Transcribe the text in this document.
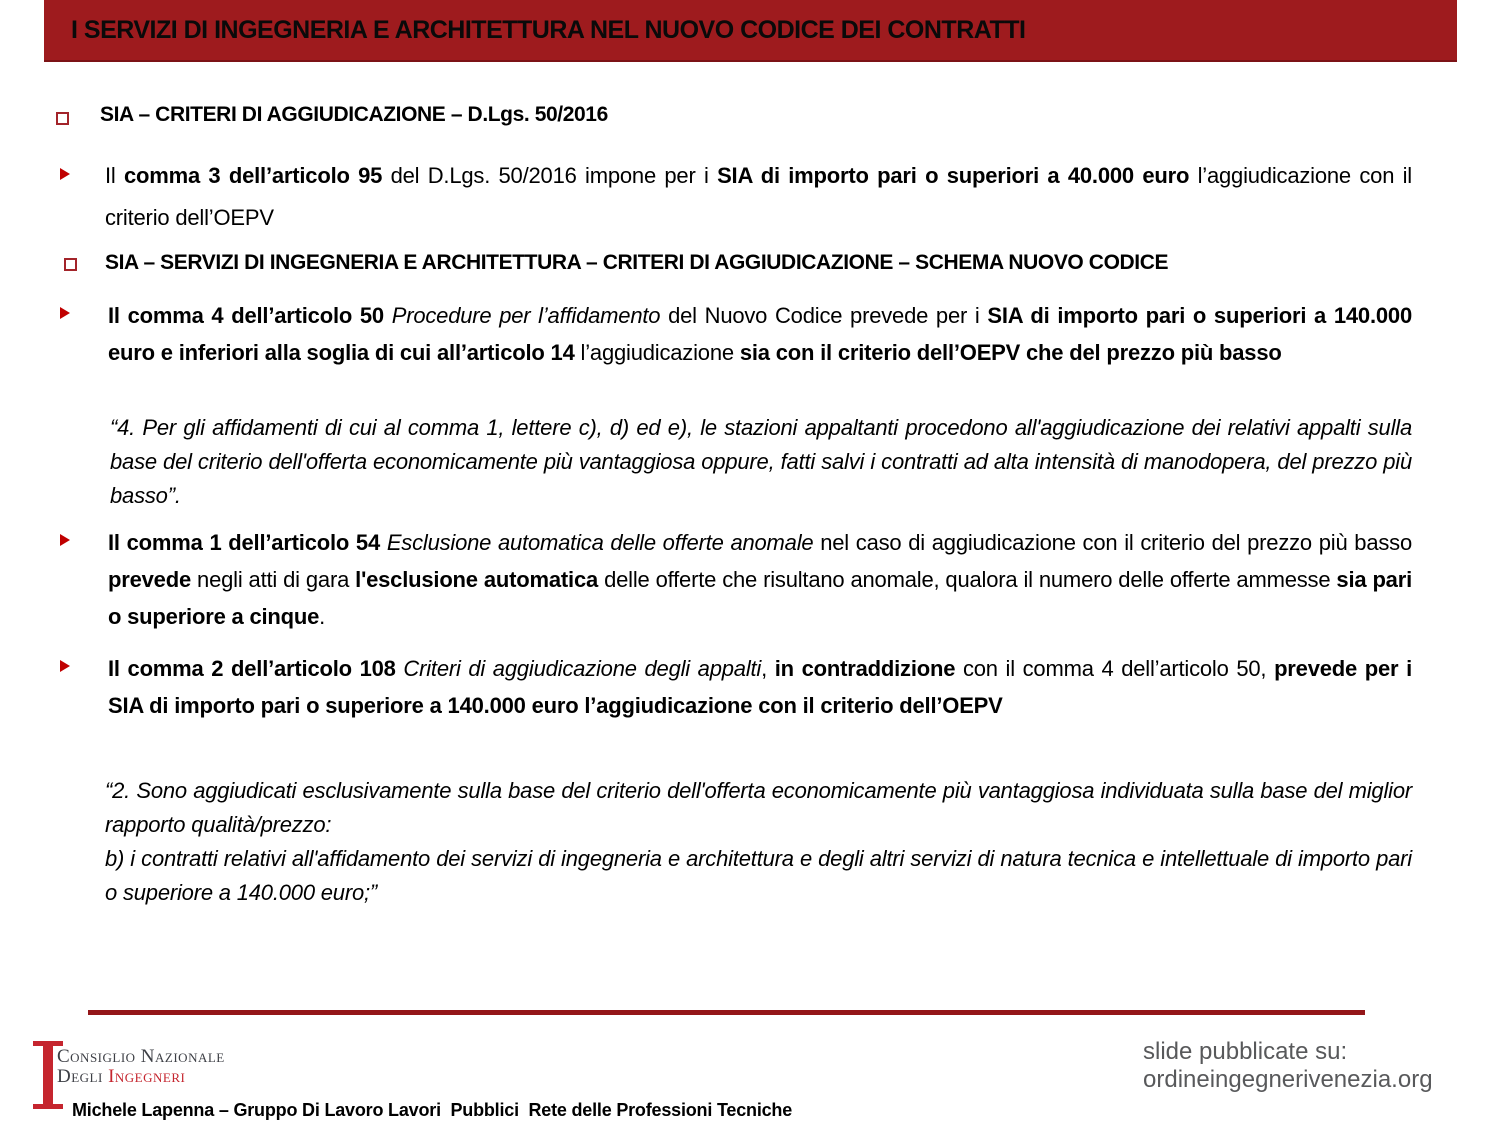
I SERVIZI DI INGEGNERIA E ARCHITETTURA NEL NUOVO CODICE DEI CONTRATTI
SIA – CRITERI DI AGGIUDICAZIONE – D.Lgs. 50/2016
Il comma 3 dell’articolo 95 del D.Lgs. 50/2016 impone per i SIA di importo pari o superiori a 40.000 euro l’aggiudicazione con il criterio dell’OEPV
SIA – SERVIZI DI INGEGNERIA E ARCHITETTURA – CRITERI DI AGGIUDICAZIONE – SCHEMA NUOVO CODICE
Il comma 4 dell’articolo 50 Procedure per l’affidamento del Nuovo Codice prevede per i SIA di importo pari o superiori a 140.000 euro e inferiori alla soglia di cui all’articolo 14 l’aggiudicazione sia con il criterio dell’OEPV che del prezzo più basso
“4. Per gli affidamenti di cui al comma 1, lettere c), d) ed e), le stazioni appaltanti procedono all'aggiudicazione dei relativi appalti sulla base del criterio dell'offerta economicamente più vantaggiosa oppure, fatti salvi i contratti ad alta intensità di manodopera, del prezzo più basso”.
Il comma 1 dell’articolo 54 Esclusione automatica delle offerte anomale nel caso di aggiudicazione con il criterio del prezzo più basso prevede negli atti di gara l'esclusione automatica delle offerte che risultano anomale, qualora il numero delle offerte ammesse sia pari o superiore a cinque.
Il comma 2 dell’articolo 108 Criteri di aggiudicazione degli appalti, in contraddizione con il comma 4 dell’articolo 50, prevede per i SIA di importo pari o superiore a 140.000 euro l’aggiudicazione con il criterio dell’OEPV
“2. Sono aggiudicati esclusivamente sulla base del criterio dell'offerta economicamente più vantaggiosa individuata sulla base del miglior rapporto qualità/prezzo:
b) i contratti relativi all'affidamento dei servizi di ingegneria e architettura e degli altri servizi di natura tecnica e intellettuale di importo pari o superiore a 140.000 euro;”
Consiglio Nazionale
Degli Ingegneri
Michele Lapenna – Gruppo Di Lavoro Lavori  Pubblici  Rete delle Professioni Tecniche
slide pubblicate su:
ordineingegnerivenezia.org
